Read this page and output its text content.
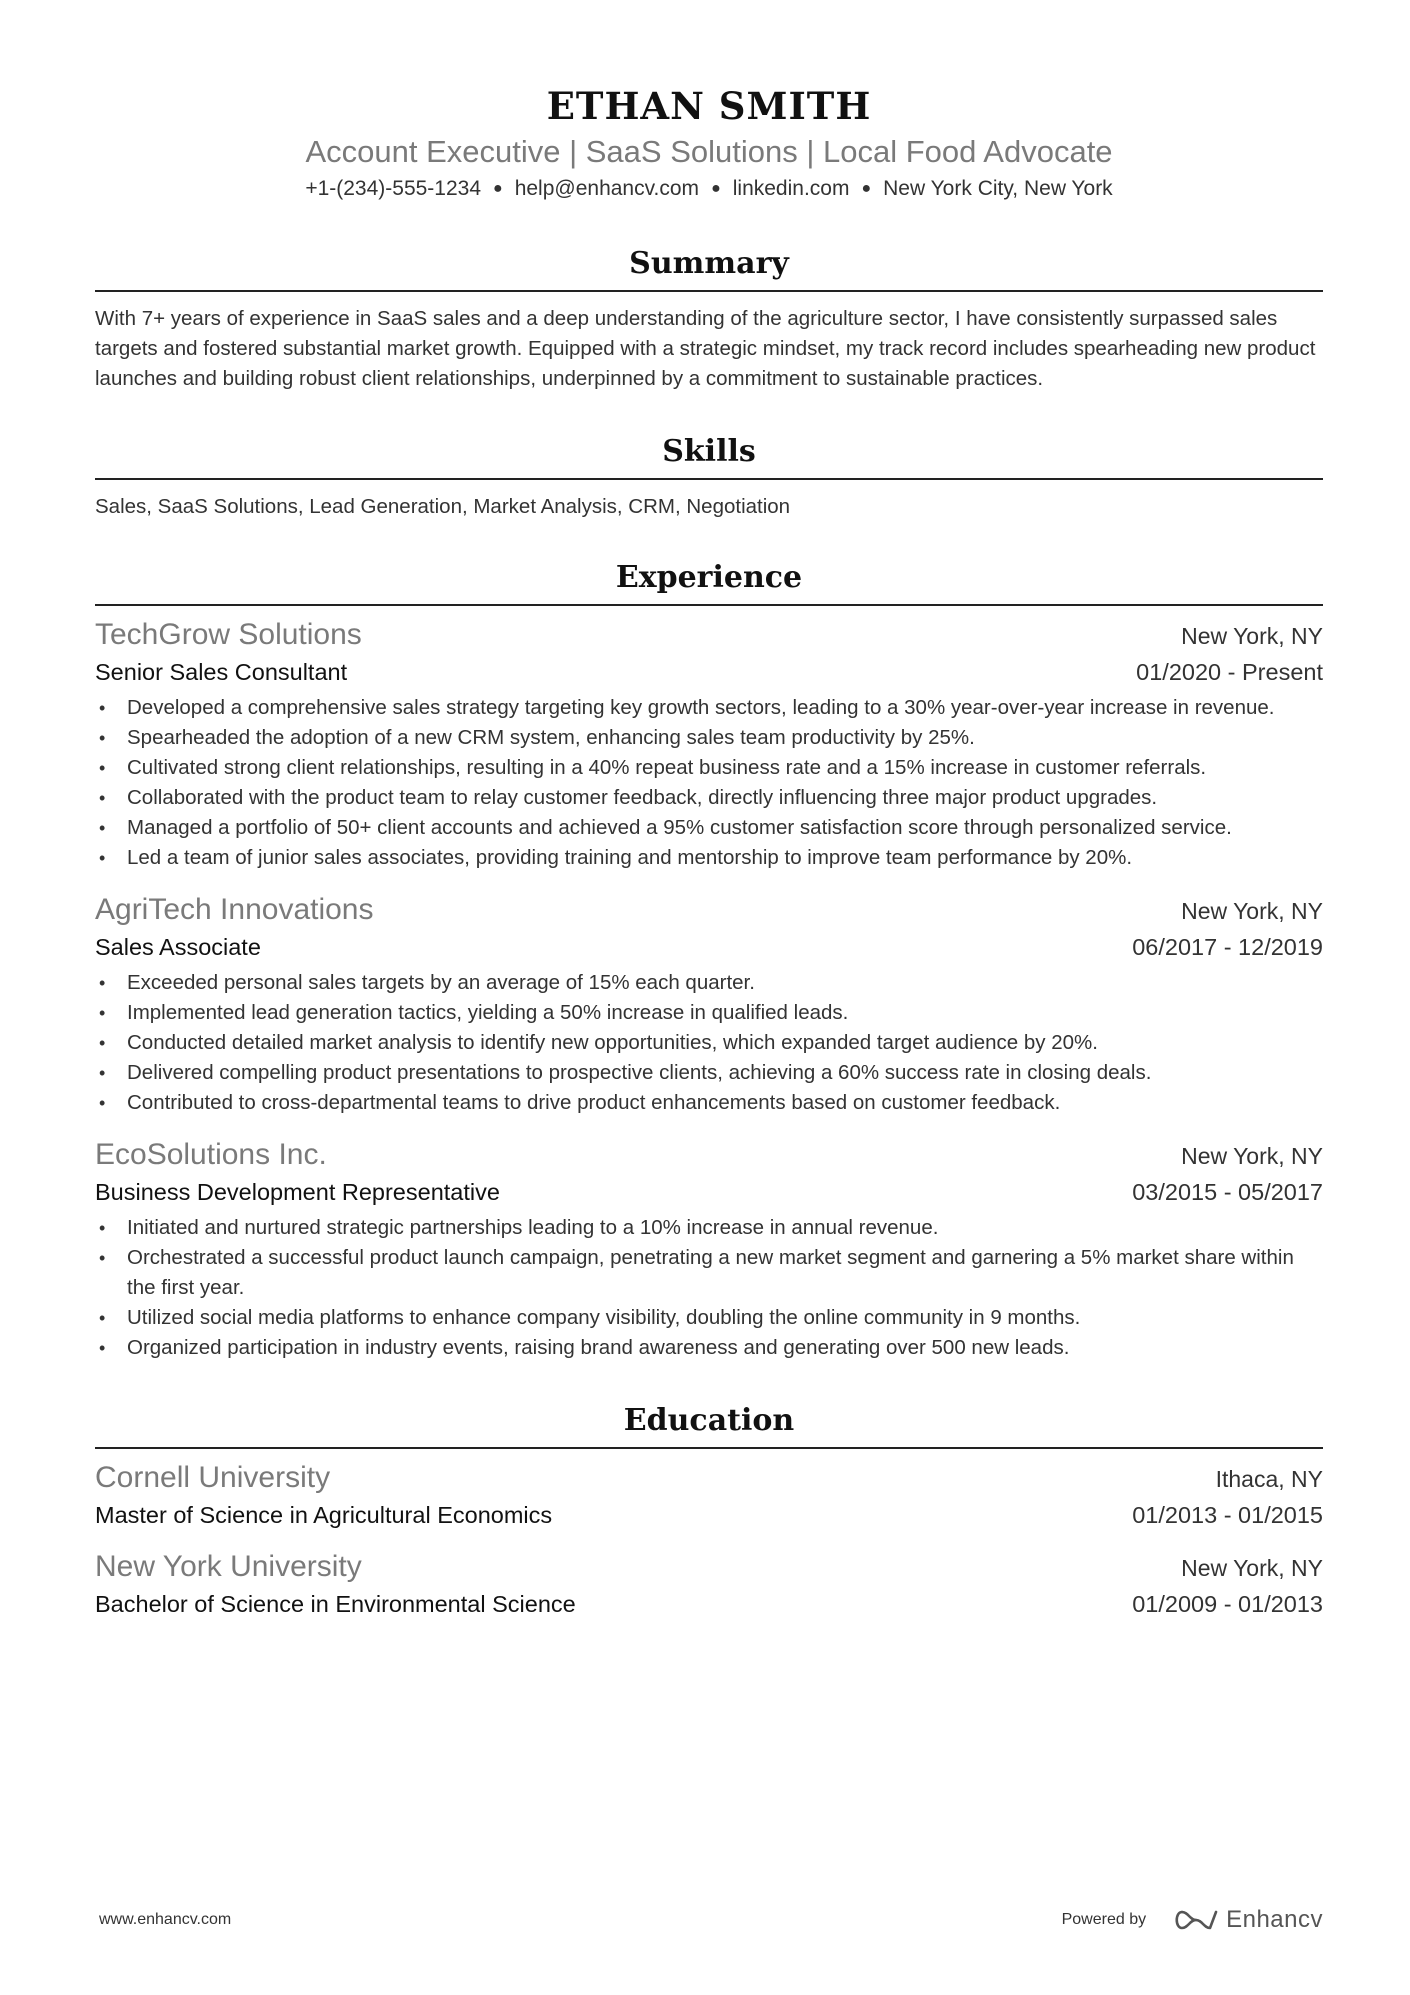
ETHAN SMITH
Account Executive | SaaS Solutions | Local Food Advocate
+1-(234)-555-1234 ● help@enhancv.com ● linkedin.com ● New York City, New York
Summary

With 7+ years of experience in SaaS sales and a deep understanding of the agriculture sector, I have consistently surpassed sales targets and fostered substantial market growth. Equipped with a strategic mindset, my track record includes spearheading new product launches and building robust client relationships, underpinned by a commitment to sustainable practices.

Skills

Sales, SaaS Solutions, Lead Generation, Market Analysis, CRM, Negotiation

Experience
TechGrow Solutions	New York, NY
Senior Sales Consultant	01/2020 - Present
• Developed a comprehensive sales strategy targeting key growth sectors, leading to a 30% year-over-year increase in revenue.
• Spearheaded the adoption of a new CRM system, enhancing sales team productivity by 25%.
• Cultivated strong client relationships, resulting in a 40% repeat business rate and a 15% increase in customer referrals.
• Collaborated with the product team to relay customer feedback, directly influencing three major product upgrades.
• Managed a portfolio of 50+ client accounts and achieved a 95% customer satisfaction score through personalized service.
• Led a team of junior sales associates, providing training and mentorship to improve team performance by 20%.
AgriTech Innovations	New York, NY
Sales Associate	06/2017 - 12/2019
• Exceeded personal sales targets by an average of 15% each quarter.
• Implemented lead generation tactics, yielding a 50% increase in qualified leads.
• Conducted detailed market analysis to identify new opportunities, which expanded target audience by 20%.
• Delivered compelling product presentations to prospective clients, achieving a 60% success rate in closing deals.
• Contributed to cross-departmental teams to drive product enhancements based on customer feedback.
EcoSolutions Inc.	New York, NY
Business Development Representative	03/2015 - 05/2017
• Initiated and nurtured strategic partnerships leading to a 10% increase in annual revenue.
• Orchestrated a successful product launch campaign, penetrating a new market segment and garnering a 5% market share within the first year.
• Utilized social media platforms to enhance company visibility, doubling the online community in 9 months.
• Organized participation in industry events, raising brand awareness and generating over 500 new leads.
Education
Cornell University	Ithaca, NY
Master of Science in Agricultural Economics	01/2013 - 01/2015
New York University	New York, NY
Bachelor of Science in Environmental Science	01/2009 - 01/2013
www.enhancv.com	Powered by	Enhancv
